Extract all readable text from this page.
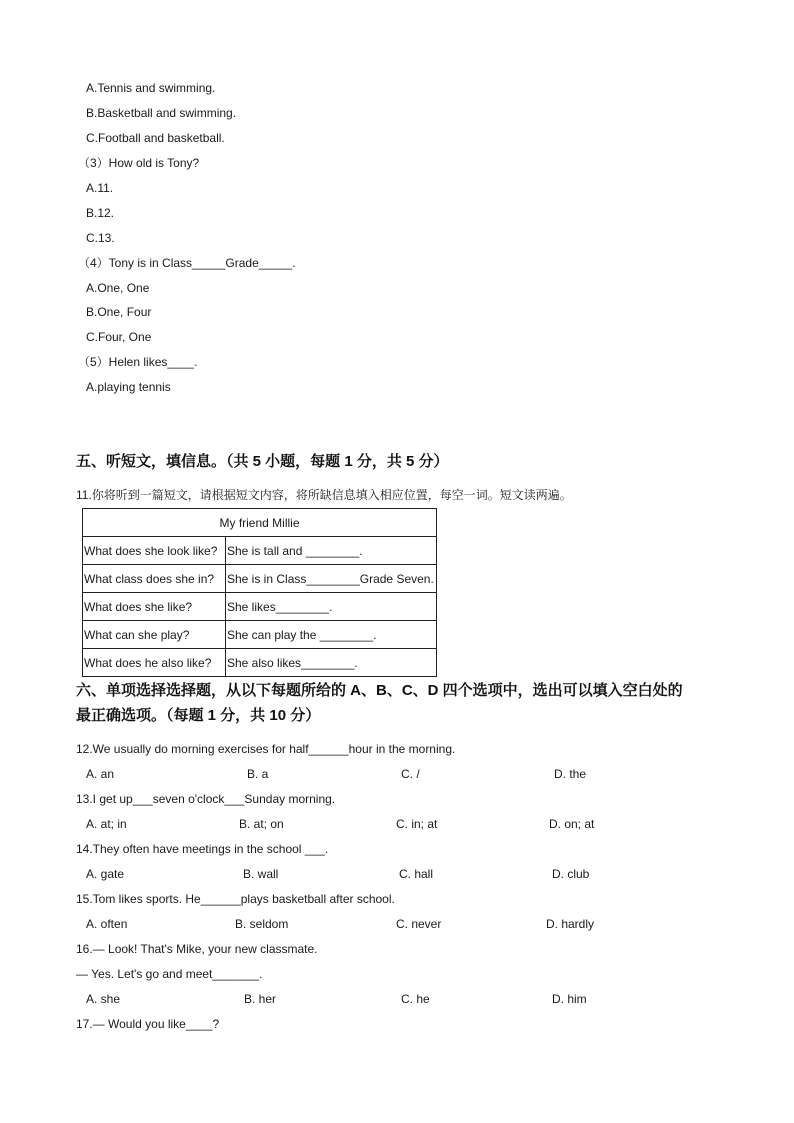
A.Tennis and swimming.
B.Basketball and swimming.
C.Football and basketball.
（3）How old is Tony?
A.11.
B.12.
C.13.
（4）Tony is in Class_____Grade_____.
A.One, One
B.One, Four
C.Four, One
（5）Helen likes____.
A.playing tennis
五、听短文，填信息。（共 5 小题，每题 1 分，共 5 分）
11.你将听到一篇短文，请根据短文内容，将所缺信息填入相应位置，每空一词。短文读两遍。
My friend Millie	
What does she look like?	She is tall and ________.
What class does she in?	She is in Class________Grade Seven.
What does she like?	She likes________.
What can she play?	She can play the ________.
What does he also like?	She also likes________.
六、单项选择选择题，从以下每题所给的 A、B、C、D 四个选项中，选出可以填入空白处的
最正确选项。（每题 1 分，共 10 分）
12.We usually do morning exercises for half______hour in the morning.
A. an	B. a	C. /	D. the
13.I get up___seven o'clock___Sunday morning.
A. at; in	B. at; on	C. in; at	D. on; at
14.They often have meetings in the school ___.
A. gate	B. wall	C. hall	D. club
15.Tom likes sports. He______plays basketball after school.
A. often	B. seldom	C. never	D. hardly
16.— Look! That's Mike, your new classmate.
— Yes. Let's go and meet_______.
A. she	B. her	C. he	D. him
17.— Would you like____?
